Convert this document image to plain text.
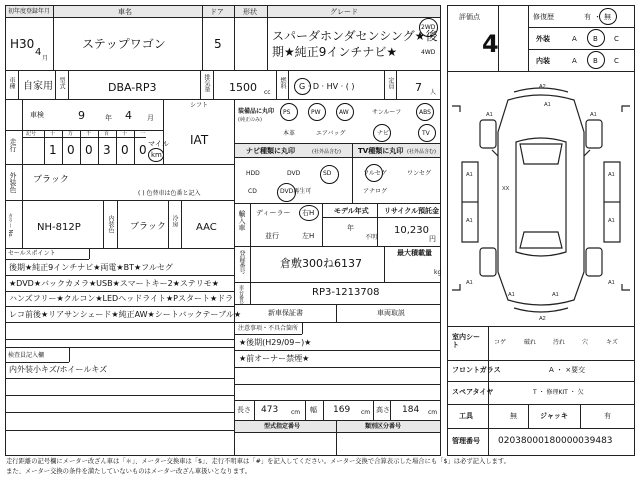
初年度登録年月
H30
4
月
車名
ステップワゴン
ドア
5
形状	グレード
スパーダホンダセンシング★後
期★純正9インチナビ★
2WD
4WD
車種 自家用 型式	DBA-RP3	排気量 1500 cc
燃料 G · D · HV · ( )	定員 7 人
車検	9	年 4 月
シフト
IAT
走行
記号	十	万	千	百	十	一
1 0 0 3 0 0 マイル
km
外装色 ブラック
( ) 色替車は色番と記入
カラー No. NH-812P	内装色 ブラック 冷房
AAC
セールスポイント
後期★純正9インチナビ★両電★BT★フルセグ
★DVD★バックカメラ★USB★スマートキー2★ステリモ★
ハンズフリー★クルコン★LEDヘッドライト★Pスタート★ドラ
レコ前後★リアサンシェード★純正AW★シートバックテーブル★
検査員記入欄
内外装小キズ/ホイールキズ
装備品に丸印
(純正のみ)
PS	PW	AW	サンルーフ	ABS
本革	エアバッグ	ナビ	TV
ナビ種類に丸印	(社外品含む) TV種類に丸印 (社外品含む)
HDD	DVD	SD
CD	DVD再生可
フルセグ	ワンセグ
アナログ
輸入車 ディーラー
並行
右H
左H
モデル年式
年
不明
リサイクル預託金
10,230
円
登録番号	倉敷300ね6137
最大積載量
kg
車台番号	RP3-1213708
新車保証書	車両取説
注意事項・不具合箇所
★後期(H29/09~)★
★前オーナー禁煙★
長さ 473 cm 幅 169 cm 高さ 184 cm
型式指定番号	類別区分番号
評価点
4
修復歴	有 ・ 無
外装	A B C
内装	A B C
A2
A1
A1	A1
A1	A1
XX
A1	A1
A1	A1
A1	A1
A2
室内シート	コゲ	破れ	汚れ	穴	キズ
フロントガラス	A ・ ×要交
スペアタイヤ	T ・ 修理KIT ・ 欠
工具	無	ジャッキ	有
管理番号 020380001800000394​83
走行距離の記号欄にメーター改ざん車は「＊」、メーター交換車は「$」、走行不明車は「#」を記入してください。メーター交換で合算表示した場合にも「$」は必ず記入します。
また、メーター交換の条件を満たしていないものはメーター改ざん車扱いとなります。
